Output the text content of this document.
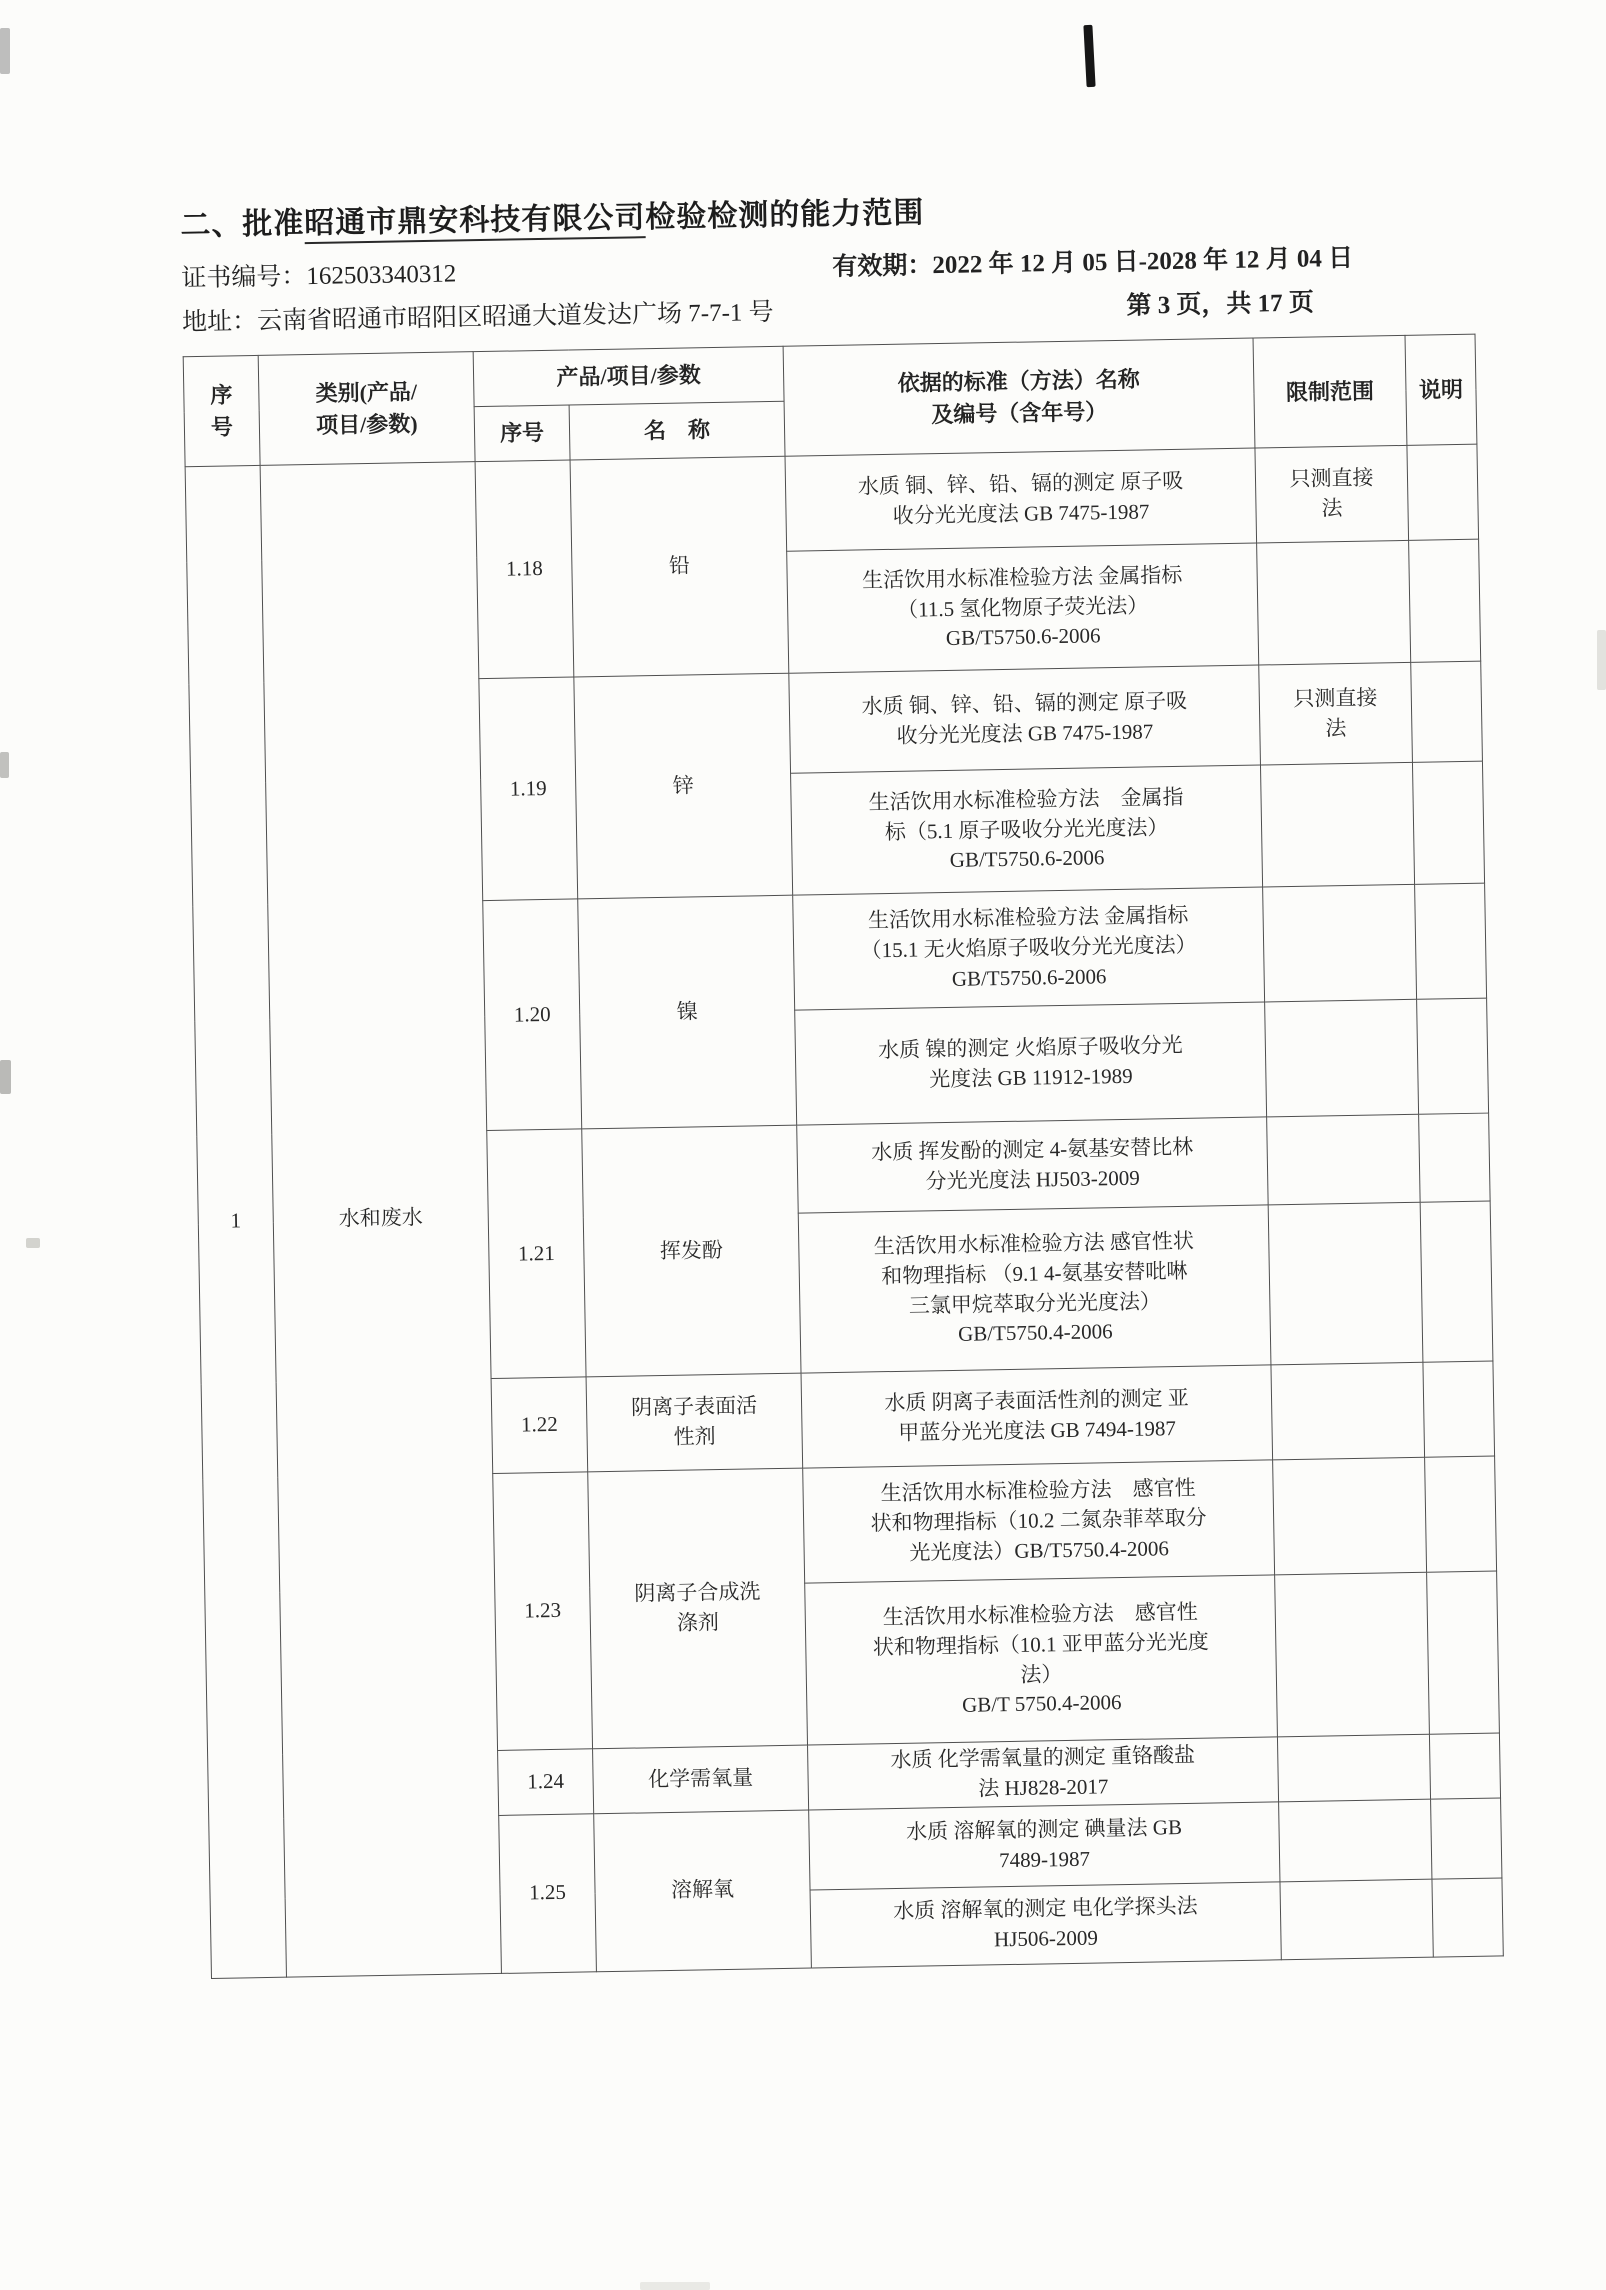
二、批准昭通市鼎安科技有限公司检验检测的能力范围
证书编号：162503340312	有效期：2022 年 12 月 05 日-2028 年 12 月 04 日
地址：云南省昭通市昭阳区昭通大道发达广场 7-7-1 号	第 3 页，共 17 页
序
号	类别(产品/
项目/参数)	产品/项目/参数		依据的标准（方法）名称
及编号（含年号）	限制范围	说明
		序号	名　称			
1	水和废水	1.18	铅	水质 铜、锌、铅、镉的测定 原子吸
收分光光度法 GB 7475-1987	只测直接
法	
				生活饮用水标准检验方法 金属指标
（11.5 氢化物原子荧光法）
GB/T5750.6-2006		
		1.19	锌	水质 铜、锌、铅、镉的测定 原子吸
收分光光度法 GB 7475-1987	只测直接
法	
				生活饮用水标准检验方法　金属指
标（5.1 原子吸收分光光度法）
GB/T5750.6-2006		
		1.20	镍	生活饮用水标准检验方法 金属指标
（15.1 无火焰原子吸收分光光度法）
GB/T5750.6-2006		
				水质 镍的测定 火焰原子吸收分光
光度法 GB 11912-1989		
		1.21	挥发酚	水质 挥发酚的测定 4-氨基安替比林
分光光度法 HJ503-2009		
				生活饮用水标准检验方法 感官性状
和物理指标 （9.1 4-氨基安替吡啉
三氯甲烷萃取分光光度法）
GB/T5750.4-2006		
		1.22	阴离子表面活
性剂	水质 阴离子表面活性剂的测定 亚
甲蓝分光光度法 GB 7494-1987		
		1.23	阴离子合成洗
涤剂	生活饮用水标准检验方法　感官性
状和物理指标（10.2 二氮杂菲萃取分
光光度法）GB/T5750.4-2006		
				生活饮用水标准检验方法　感官性
状和物理指标（10.1 亚甲蓝分光光度
法）
GB/T 5750.4-2006		
		1.24	化学需氧量	水质 化学需氧量的测定 重铬酸盐
法 HJ828-2017		
		1.25	溶解氧	水质 溶解氧的测定 碘量法 GB
7489-1987		
				水质 溶解氧的测定 电化学探头法
HJ506-2009		
